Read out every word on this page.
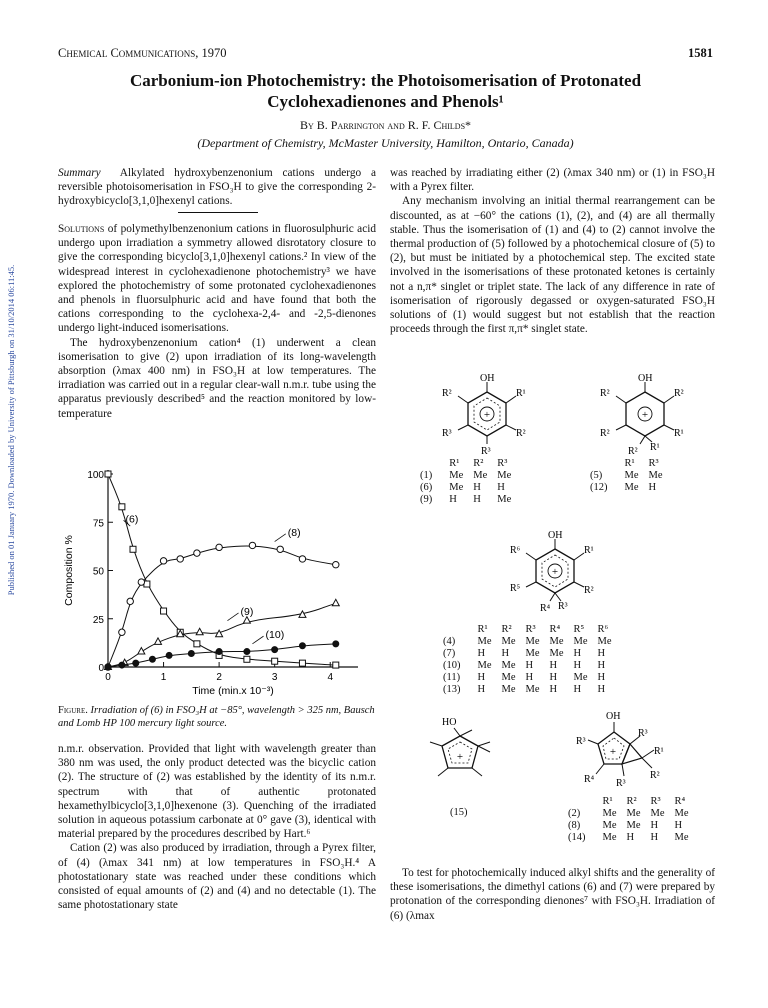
Published on 01 January 1970. Downloaded by University of Pittsburgh on 31/10/2014 06:11:45.
Chemical Communications, 1970	1581
Carbonium-ion Photochemistry: the Photoisomerisation of Protonated
Cyclohexadienones and Phenols¹
By B. Parrington and R. F. Childs*
(Department of Chemistry, McMaster University, Hamilton, Ontario, Canada)

Summary Alkylated hydroxybenzenonium cations undergo a reversible photoisomerisation in FSO₃H to give the corresponding 2-hydroxybicyclo[3,1,0]hexenyl cations.

Solutions of polymethylbenzenonium cations in fluorosulphuric acid undergo upon irradiation a symmetry allowed disrotatory closure to give the corresponding bicyclo[3,1,0]hexenyl cations.² In view of the widespread interest in cyclohexadienone photochemistry³ we have explored the photochemistry of some protonated cyclohexadienones and phenols in fluorsulphuric acid and have found that both the cations corresponding to the cyclohexa-2,4- and -2,5-dienones undergo light-induced isomerisations.

The hydroxybenzenonium cation⁴ (1) underwent a clean isomerisation to give (2) upon irradiation of its long-wavelength absorption (λmax 400 nm) in FSO₃H at low temperatures. The irradiation was carried out in a regular clear-wall n.m.r. tube using the apparatus previously described⁵ and the reaction monitored by low-temperature

0
25
50
75
100
0	1	2	3	4
Time (min.x 10⁻³)
Composition %
(6)
(8)
(9)
(10)
Figure. Irradiation of (6) in FSO₃H at −85°, wavelength > 325 nm, Bausch and Lomb HP 100 mercury light source.

n.m.r. observation. Provided that light with wavelength greater than 380 nm was used, the only product detected was the bicyclic cation (2). The structure of (2) was established by the identity of its n.m.r. spectrum with that of authentic protonated hexamethylbicyclo[3,1,0]hexenone (3). Quenching of the irradiated solution in aqueous potassium carbonate at 0° gave (3), identical with material prepared by the procedures described by Hart.⁶

Cation (2) was also produced by irradiation, through a Pyrex filter, of (4) (λmax 341 nm) at low temperatures in FSO₃H.⁴ A photostationary state was reached under these conditions which consisted of equal amounts of (2) and (4) and no detectable (1). The same photostationary state

was reached by irradiating either (2) (λmax 340 nm) or (1) in FSO₃H with a Pyrex filter.

Any mechanism involving an initial thermal rearrangement can be discounted, as at −60° the cations (1), (2), and (4) are all thermally stable. Thus the isomerisation of (1) and (4) to (2) cannot involve the thermal production of (5) followed by a photochemical closure of (5) to (2), but must be initiated by a photochemical step. The excited state involved in the isomerisations of these protonated ketones is certainly not a n,π* singlet or triplet state. The lack of any difference in rate of isomerisation of rigorously degassed or oxygen-saturated FSO₃H solutions of (1) would suggest but not establish that the reaction proceeds through the first π,π* singlet state.

+
OH
R¹
R²
R²
R³
R³
+
OH
R²
R¹
R²
R²
R² R¹
	R¹	R²	R³
(1)	Me	Me	Me
(6)	Me	H	H
(9)	H	H	Me
	R¹	R³
(5)	Me	Me
(12)	Me	H
+
OH
R¹
R²
R⁶
R⁵
R⁴ R³
	R¹	R²	R³	R⁴	R⁵	R⁶
(4)	Me	Me	Me	Me	Me	Me
(7)	H	H	Me	Me	H	H
(10)	Me	Me	H	H	H	H
(11)	H	Me	H	H	Me	H
(13)	H	Me	Me	H	H	H
HO
+
(15)
OH
+
R³
R³
R¹
R²
R⁴ R³
	R¹	R²	R³	R⁴
(2)	Me	Me	Me	Me
(8)	Me	Me	H	H
(14)	Me	H	H	Me

To test for photochemically induced alkyl shifts and the generality of these isomerisations, the dimethyl cations (6) and (7) were prepared by protonation of the corresponding dienones⁷ with FSO₃H. Irradiation of (6) (λmax
